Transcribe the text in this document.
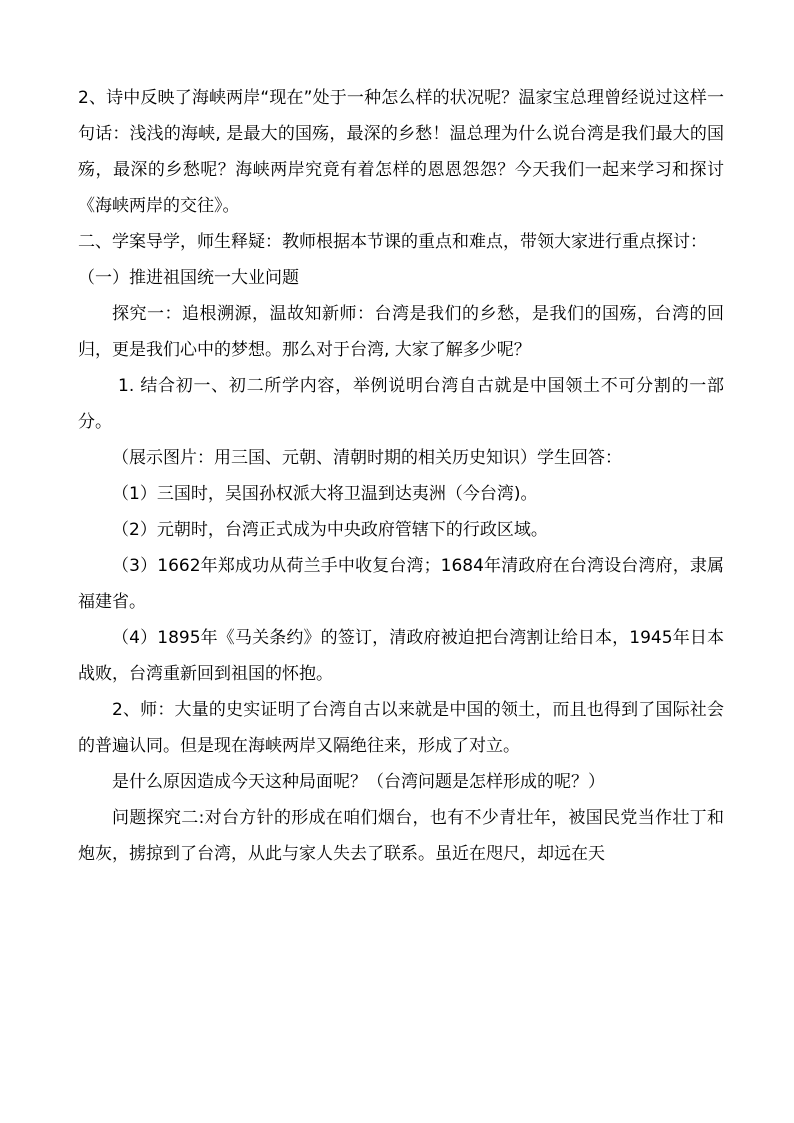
2、诗中反映了海峡两岸“现在”处于一种怎么样的状况呢？温家宝总理曾经说过这样一句话：浅浅的海峡, 是最大的国殇，最深的乡愁！温总理为什么说台湾是我们最大的国殇，最深的乡愁呢？海峡两岸究竟有着怎样的恩恩怨怨？今天我们一起来学习和探讨《海峡两岸的交往》。

二、学案导学，师生释疑：教师根据本节课的重点和难点，带领大家进行重点探讨：

（一）推进祖国统一大业问题

探究一：追根溯源，温故知新师：台湾是我们的乡愁，是我们的国殇，台湾的回归，更是我们心中的梦想。那么对于台湾, 大家了解多少呢？

1. 结合初一、初二所学内容，举例说明台湾自古就是中国领土不可分割的一部分。

（展示图片：用三国、元朝、清朝时期的相关历史知识）学生回答：

（1）三国时，吴国孙权派大将卫温到达夷洲（今台湾)。

（2）元朝时，台湾正式成为中央政府管辖下的行政区域。

（3）1662年郑成功从荷兰手中收复台湾；1684年清政府在台湾设台湾府，隶属福建省。

（4）1895年《马关条约》的签订，清政府被迫把台湾割让给日本，1945年日本战败，台湾重新回到祖国的怀抱。

2、师：大量的史实证明了台湾自古以来就是中国的领土，而且也得到了国际社会的普遍认同。但是现在海峡两岸又隔绝往来，形成了对立。

是什么原因造成今天这种局面呢？（台湾问题是怎样形成的呢？）

问题探究二:对台方针的形成在咱们烟台，也有不少青壮年，被国民党当作壮丁和炮灰，掳掠到了台湾，从此与家人失去了联系。虽近在咫尺，却远在天
